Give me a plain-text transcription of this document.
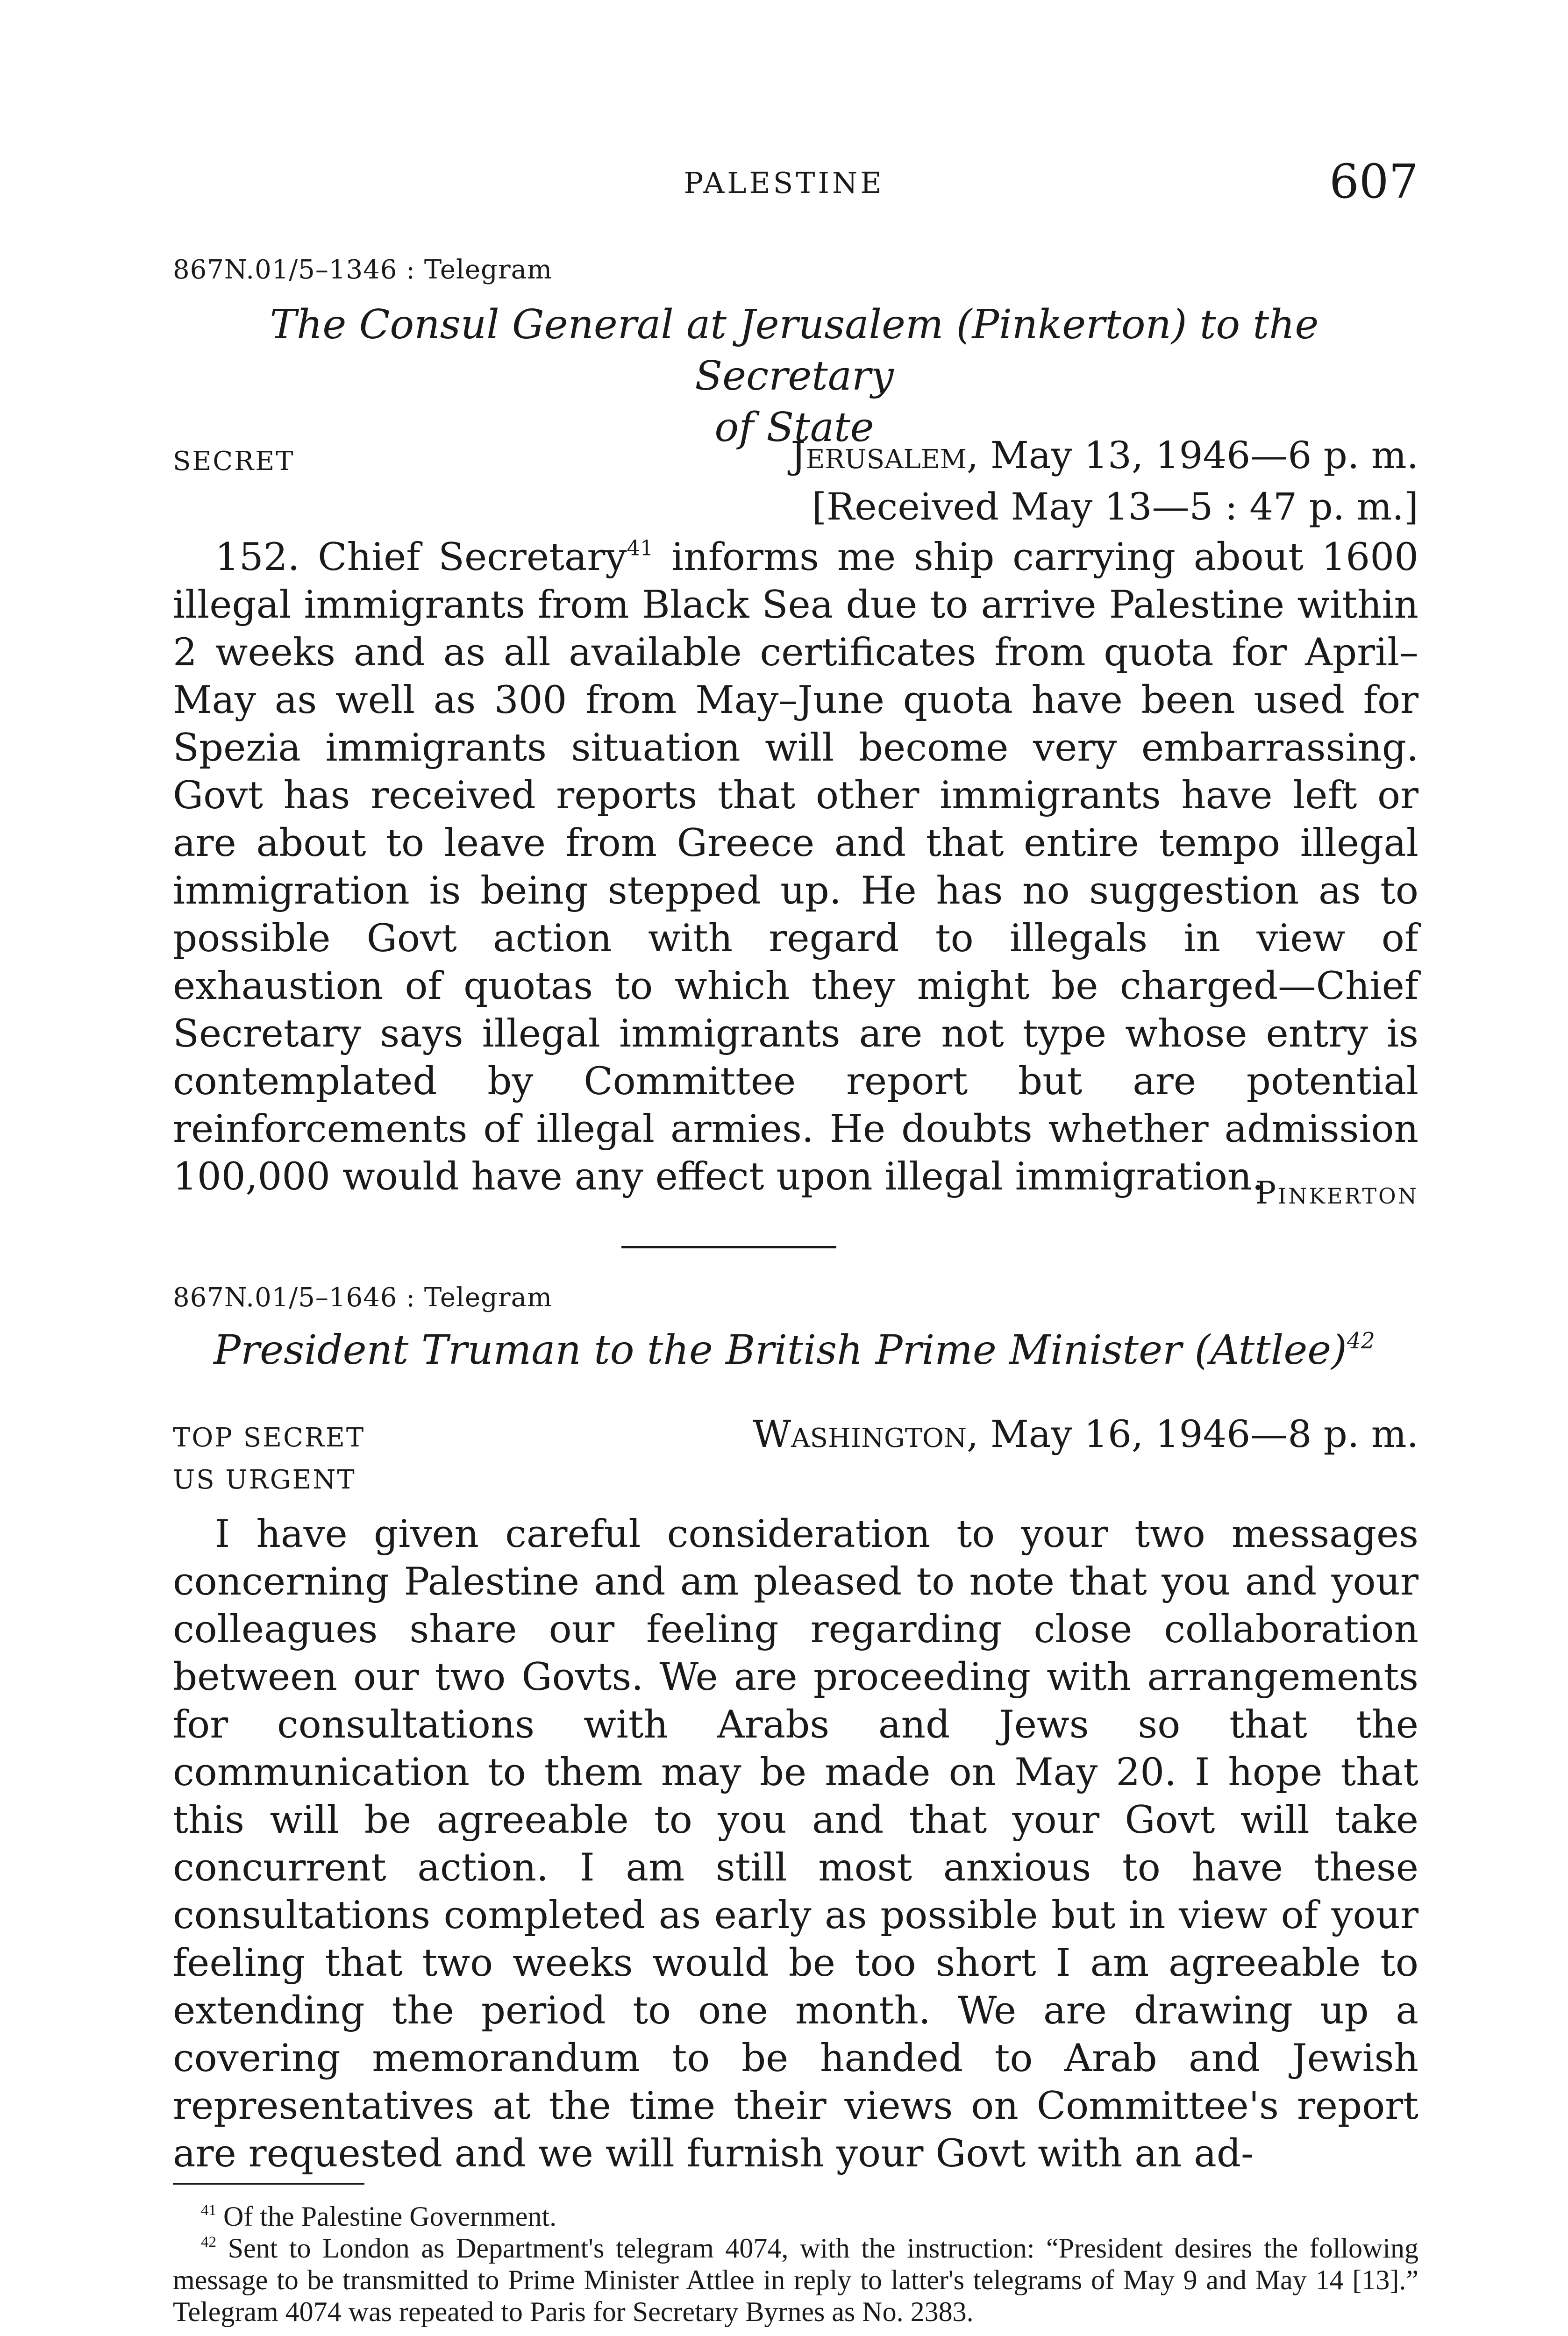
PALESTINE	607
867N.01/5–1346 : Telegram
The Consul General at Jerusalem (Pinkerton) to the Secretary
of State
SECRET	Jerusalem, May 13, 1946—6 p. m.
[Received May 13—5 : 47 p. m.]

152. Chief Secretary$^{41}$ informs me ship carrying about 1600 illegal immigrants from Black Sea due to arrive Palestine within 2 weeks and as all available certificates from quota for April–May as well as 300 from May–June quota have been used for Spezia immigrants situation will become very embarrassing. Govt has received reports that other immigrants have left or are about to leave from Greece and that entire tempo illegal immigration is being stepped up. He has no suggestion as to possible Govt action with regard to illegals in view of exhaustion of quotas to which they might be charged—Chief Secretary says illegal immigrants are not type whose entry is contemplated by Committee report but are potential reinforcements of illegal armies. He doubts whether admission 100,000 would have any effect upon illegal immigration.

Pinkerton
867N.01/5–1646 : Telegram
President Truman to the British Prime Minister (Attlee)$^{42}$
TOP SECRET
US URGENT
Washington, May 16, 1946—8 p. m.

I have given careful consideration to your two messages concerning Palestine and am pleased to note that you and your colleagues share our feeling regarding close collaboration between our two Govts. We are proceeding with arrangements for consultations with Arabs and Jews so that the communication to them may be made on May 20. I hope that this will be agreeable to you and that your Govt will take concurrent action. I am still most anxious to have these consultations completed as early as possible but in view of your feeling that two weeks would be too short I am agreeable to extending the period to one month. We are drawing up a covering memorandum to be handed to Arab and Jewish representatives at the time their views on Committee's report are requested and we will furnish your Govt with an ad-

$^{41}$ Of the Palestine Government.

$^{42}$ Sent to London as Department's telegram 4074, with the instruction: “President desires the following message to be transmitted to Prime Minister Attlee in reply to latter's telegrams of May 9 and May 14 [13].” Telegram 4074 was repeated to Paris for Secretary Byrnes as No. 2383.
